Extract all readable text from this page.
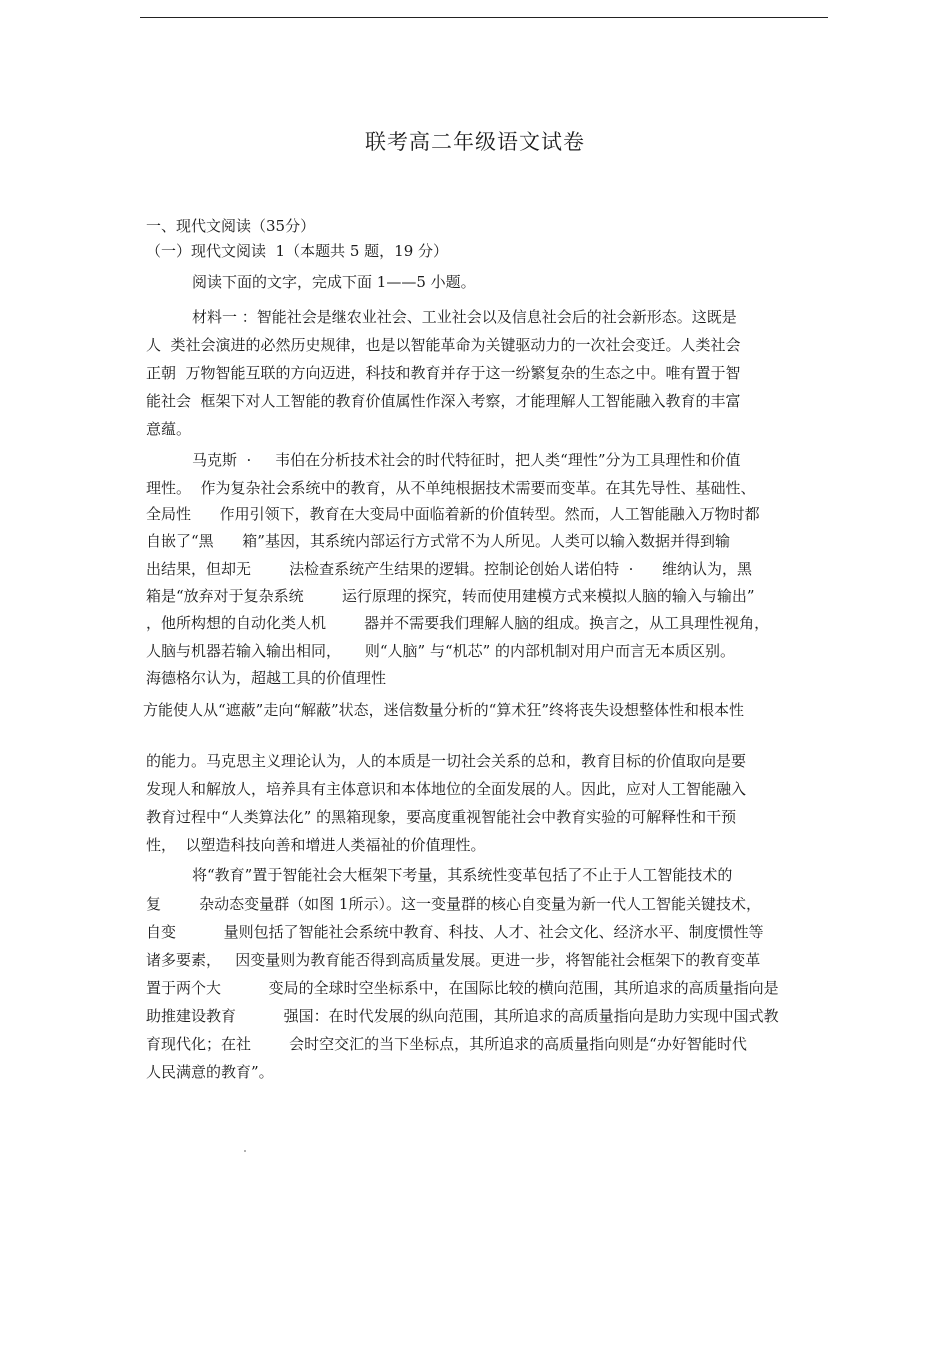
联考高二年级语文试卷
一、现代文阅读（35分）
（一）现代文阅读  1（本题共 5 题，19 分）
阅读下面的文字，完成下面 1——5 小题。
材料一 ：智能社会是继农业社会、工业社会以及信息社会后的社会新形态。这既是
人  类社会演进的必然历史规律，也是以智能革命为关键驱动力的一次社会变迁。人类社会
正朝  万物智能互联的方向迈进，科技和教育并存于这一纷繁复杂的生态之中。唯有置于智
能社会  框架下对人工智能的教育价值属性作深入考察，才能理解人工智能融入教育的丰富
意蕴。
马克斯  ·     韦伯在分析技术社会的时代特征时，把人类“理性”分为工具理性和价值
理性。  作为复杂社会系统中的教育，从不单纯根据技术需要而变革。在其先导性、基础性、
全局性      作用引领下，教育在大变局中面临着新的价值转型。然而，人工智能融入万物时都
自嵌了“黑      箱”基因，其系统内部运行方式常不为人所见。人类可以输入数据并得到输
出结果，但却无        法检查系统产生结果的逻辑。控制论创始人诺伯特  ·      维纳认为，黑
箱是“放弃对于复杂系统        运行原理的探究，转而使用建模方式来模拟人脑的输入与输出”
，他所构想的自动化类人机        器并不需要我们理解人脑的组成。换言之，从工具理性视角，
人脑与机器若输入输出相同，     则“人脑” 与“机芯” 的内部机制对用户而言无本质区别。
海德格尔认为，超越工具的价值理性
方能使人从“遮蔽”走向“解蔽”状态，迷信数量分析的“算术狂”终将丧失设想整体性和根本性
的能力。马克思主义理论认为，人的本质是一切社会关系的总和，教育目标的价值取向是要
发现人和解放人，培养具有主体意识和本体地位的全面发展的人。因此，应对人工智能融入
教育过程中“人类算法化” 的黑箱现象，要高度重视智能社会中教育实验的可解释性和干预
性，  以塑造科技向善和增进人类福祉的价值理性。
将“教育”置于智能社会大框架下考量，其系统性变革包括了不止于人工智能技术的
复        杂动态变量群（如图 1所示）。这一变量群的核心自变量为新一代人工智能关键技术，
自变          量则包括了智能社会系统中教育、科技、人才、社会文化、经济水平、制度惯性等
诸多要素，   因变量则为教育能否得到高质量发展。更进一步，将智能社会框架下的教育变革
置于两个大          变局的全球时空坐标系中，在国际比较的横向范围，其所追求的高质量指向是
助推建设教育          强国：在时代发展的纵向范围，其所追求的高质量指向是助力实现中国式教
育现代化；在社        会时空交汇的当下坐标点，其所追求的高质量指向则是“办好智能时代
人民满意的教育”。
